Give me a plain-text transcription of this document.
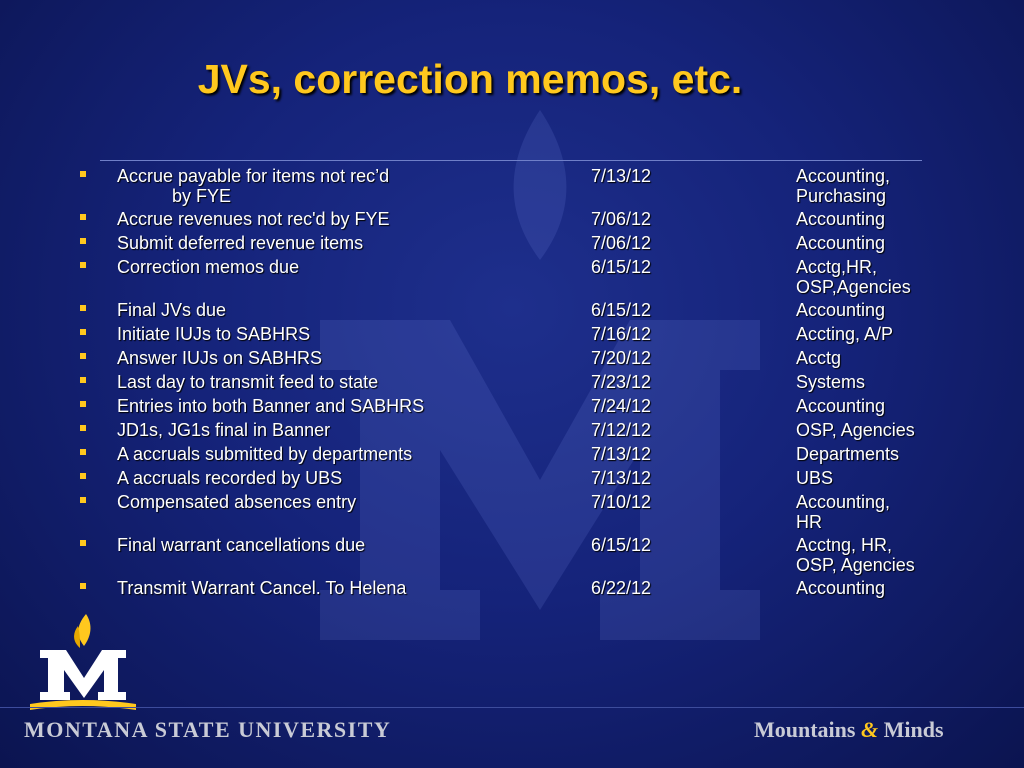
JVs, correction memos, etc.
Accrue payable for items not rec’d
by FYE
7/13/12	Accounting,
Purchasing
Accrue revenues not rec'd by FYE	7/06/12	Accounting
Submit deferred revenue items	7/06/12	Accounting
Correction memos due	6/15/12	Acctg,HR,
OSP,Agencies
Final JVs due	6/15/12	Accounting
Initiate IUJs to SABHRS	7/16/12	Accting, A/P
Answer IUJs on SABHRS	7/20/12	Acctg
Last day to transmit feed to state	7/23/12	Systems
Entries into both Banner and SABHRS	7/24/12	Accounting
JD1s, JG1s final in Banner	7/12/12	OSP, Agencies
A accruals submitted by departments	7/13/12	Departments
A accruals recorded by UBS	7/13/12	UBS
Compensated absences entry	7/10/12	Accounting,
HR
Final warrant cancellations due	6/15/12	Acctng, HR,
OSP, Agencies
Transmit Warrant Cancel. To Helena	6/22/12	Accounting
MONTANA STATE UNIVERSITY	Mountains & Minds
